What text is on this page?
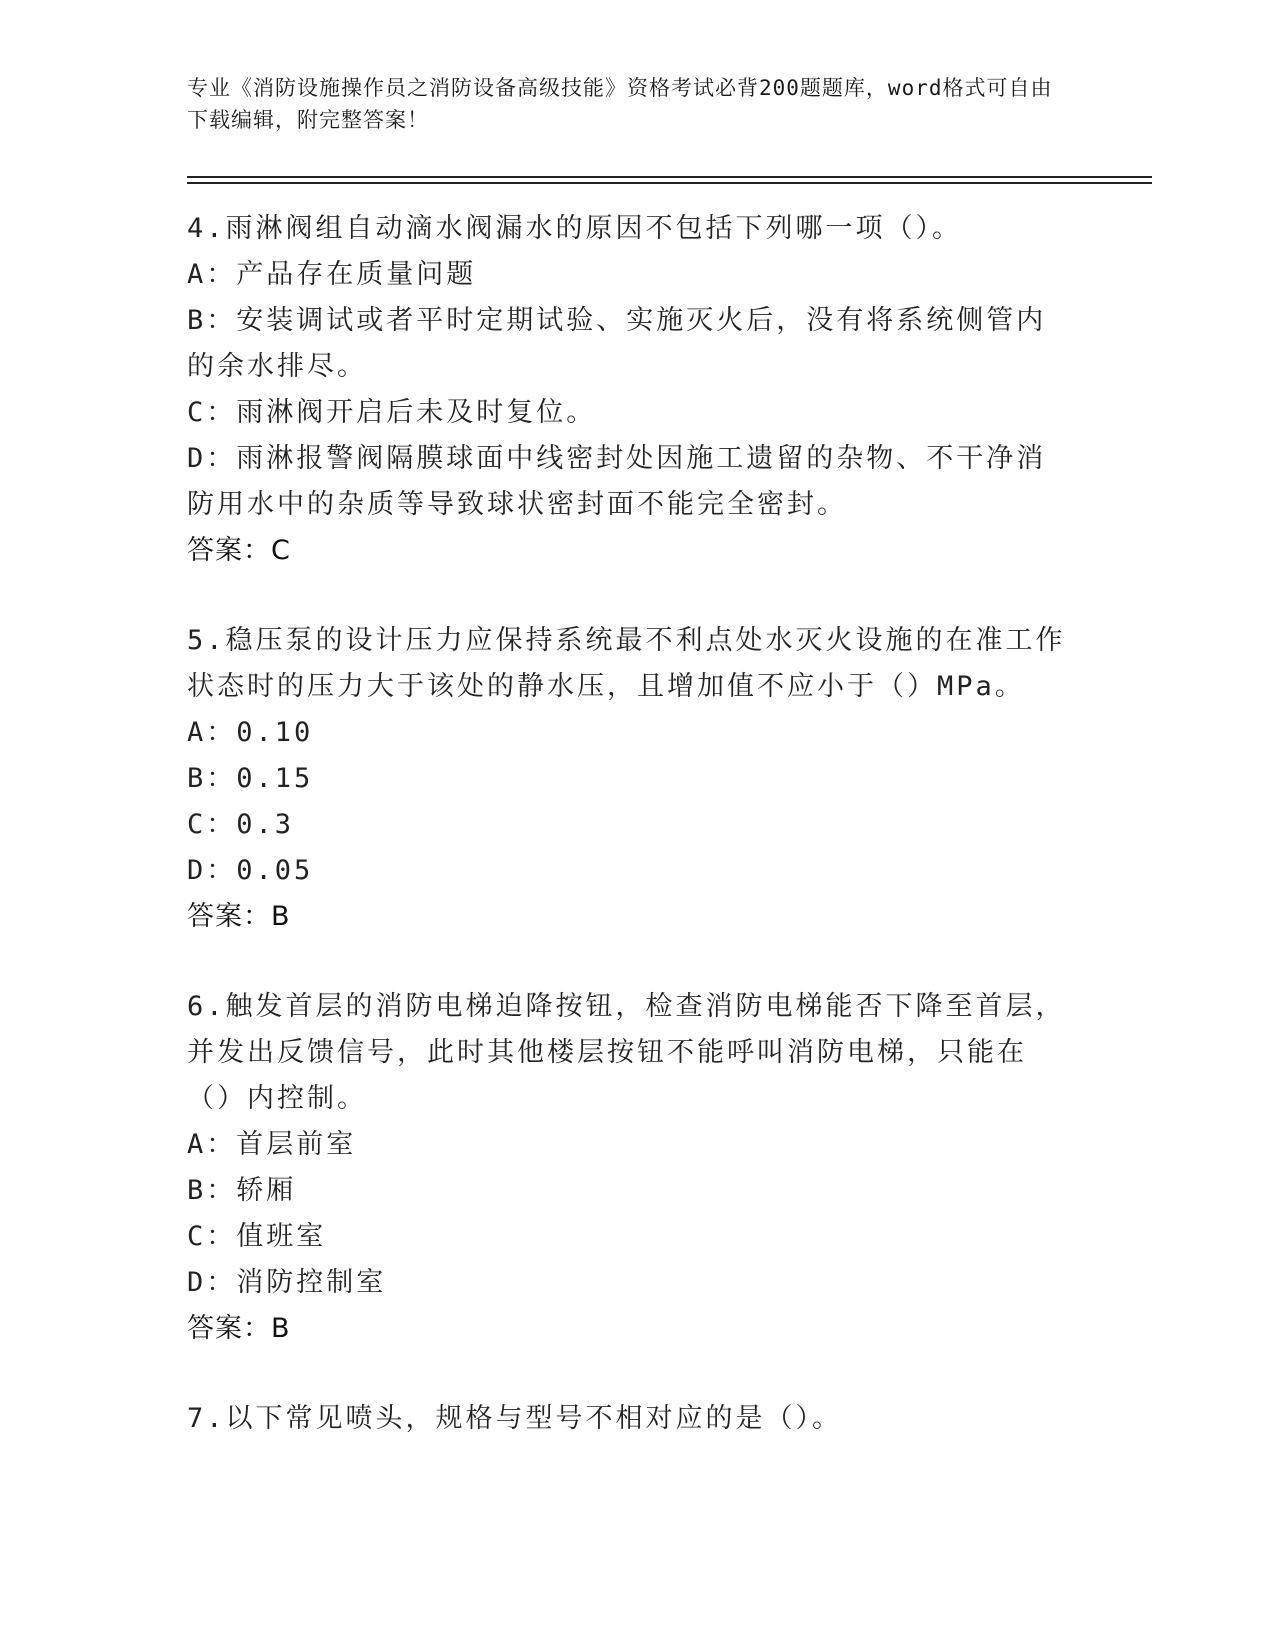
专业《消防设施操作员之消防设备高级技能》资格考试必背200题题库，word格式可自由下载编辑，附完整答案！
4.雨淋阀组自动滴水阀漏水的原因不包括下列哪一项（）。
A：产品存在质量问题
B：安装调试或者平时定期试验、实施灭火后，没有将系统侧管内的余水排尽。
C：雨淋阀开启后未及时复位。
D：雨淋报警阀隔膜球面中线密封处因施工遗留的杂物、不干净消防用水中的杂质等导致球状密封面不能完全密封。
答案：C
5.稳压泵的设计压力应保持系统最不利点处水灭火设施的在准工作状态时的压力大于该处的静水压，且增加值不应小于（）MPa。
A：0.10
B：0.15
C：0.3
D：0.05
答案：B
6.触发首层的消防电梯迫降按钮，检查消防电梯能否下降至首层，并发出反馈信号，此时其他楼层按钮不能呼叫消防电梯，只能在（）内控制。
A：首层前室
B：轿厢
C：值班室
D：消防控制室
答案：B
7.以下常见喷头，规格与型号不相对应的是（）。
